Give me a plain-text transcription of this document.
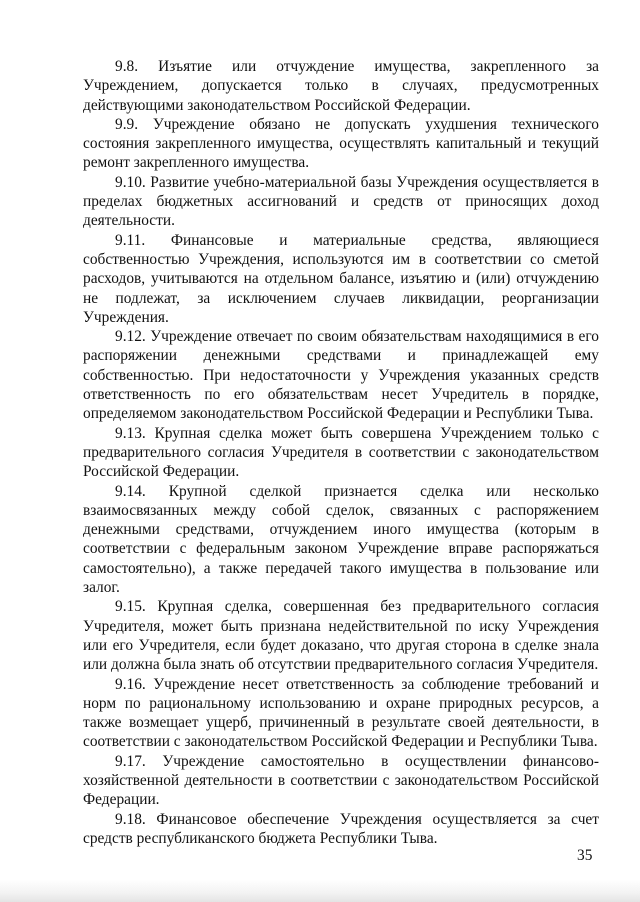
9.8. Изъятие или отчуждение имущества, закрепленного за Учреждением, допускается только в случаях, предусмотренных действующими законодательством Российской Федерации.

9.9. Учреждение обязано не допускать ухудшения технического состояния закрепленного имущества, осуществлять капитальный и текущий ремонт закрепленного имущества.

9.10. Развитие учебно-материальной базы Учреждения осуществляется в пределах бюджетных ассигнований и средств от приносящих доход деятельности.

9.11. Финансовые и материальные средства, являющиеся собственностью Учреждения, используются им в соответствии со сметой расходов, учитываются на отдельном балансе, изъятию и (или) отчуждению не подлежат, за исключением случаев ликвидации, реорганизации Учреждения.

9.12. Учреждение отвечает по своим обязательствам находящимися в его распоряжении денежными средствами и принадлежащей ему собственностью. При недостаточности у Учреждения указанных средств ответственность по его обязательствам несет Учредитель в порядке, определяемом законодательством Российской Федерации и Республики Тыва.

9.13. Крупная сделка может быть совершена Учреждением только с предварительного согласия Учредителя в соответствии с законодательством Российской Федерации.

9.14. Крупной сделкой признается сделка или несколько взаимосвязанных между собой сделок, связанных с распоряжением денежными средствами, отчуждением иного имущества (которым в соответствии с федеральным законом Учреждение вправе распоряжаться самостоятельно), а также передачей такого имущества в пользование или залог.

9.15. Крупная сделка, совершенная без предварительного согласия Учредителя, может быть признана недействительной по иску Учреждения или его Учредителя, если будет доказано, что другая сторона в сделке знала или должна была знать об отсутствии предварительного согласия Учредителя.

9.16. Учреждение несет ответственность за соблюдение требований и норм по рациональному использованию и охране природных ресурсов, а также возмещает ущерб, причиненный в результате своей деятельности, в соответствии с законодательством Российской Федерации и Республики Тыва.

9.17. Учреждение самостоятельно в осуществлении финансово-хозяйственной деятельности в соответствии с законодательством Российской Федерации.

9.18. Финансовое обеспечение Учреждения осуществляется за счет средств республиканского бюджета Республики Тыва.

35
